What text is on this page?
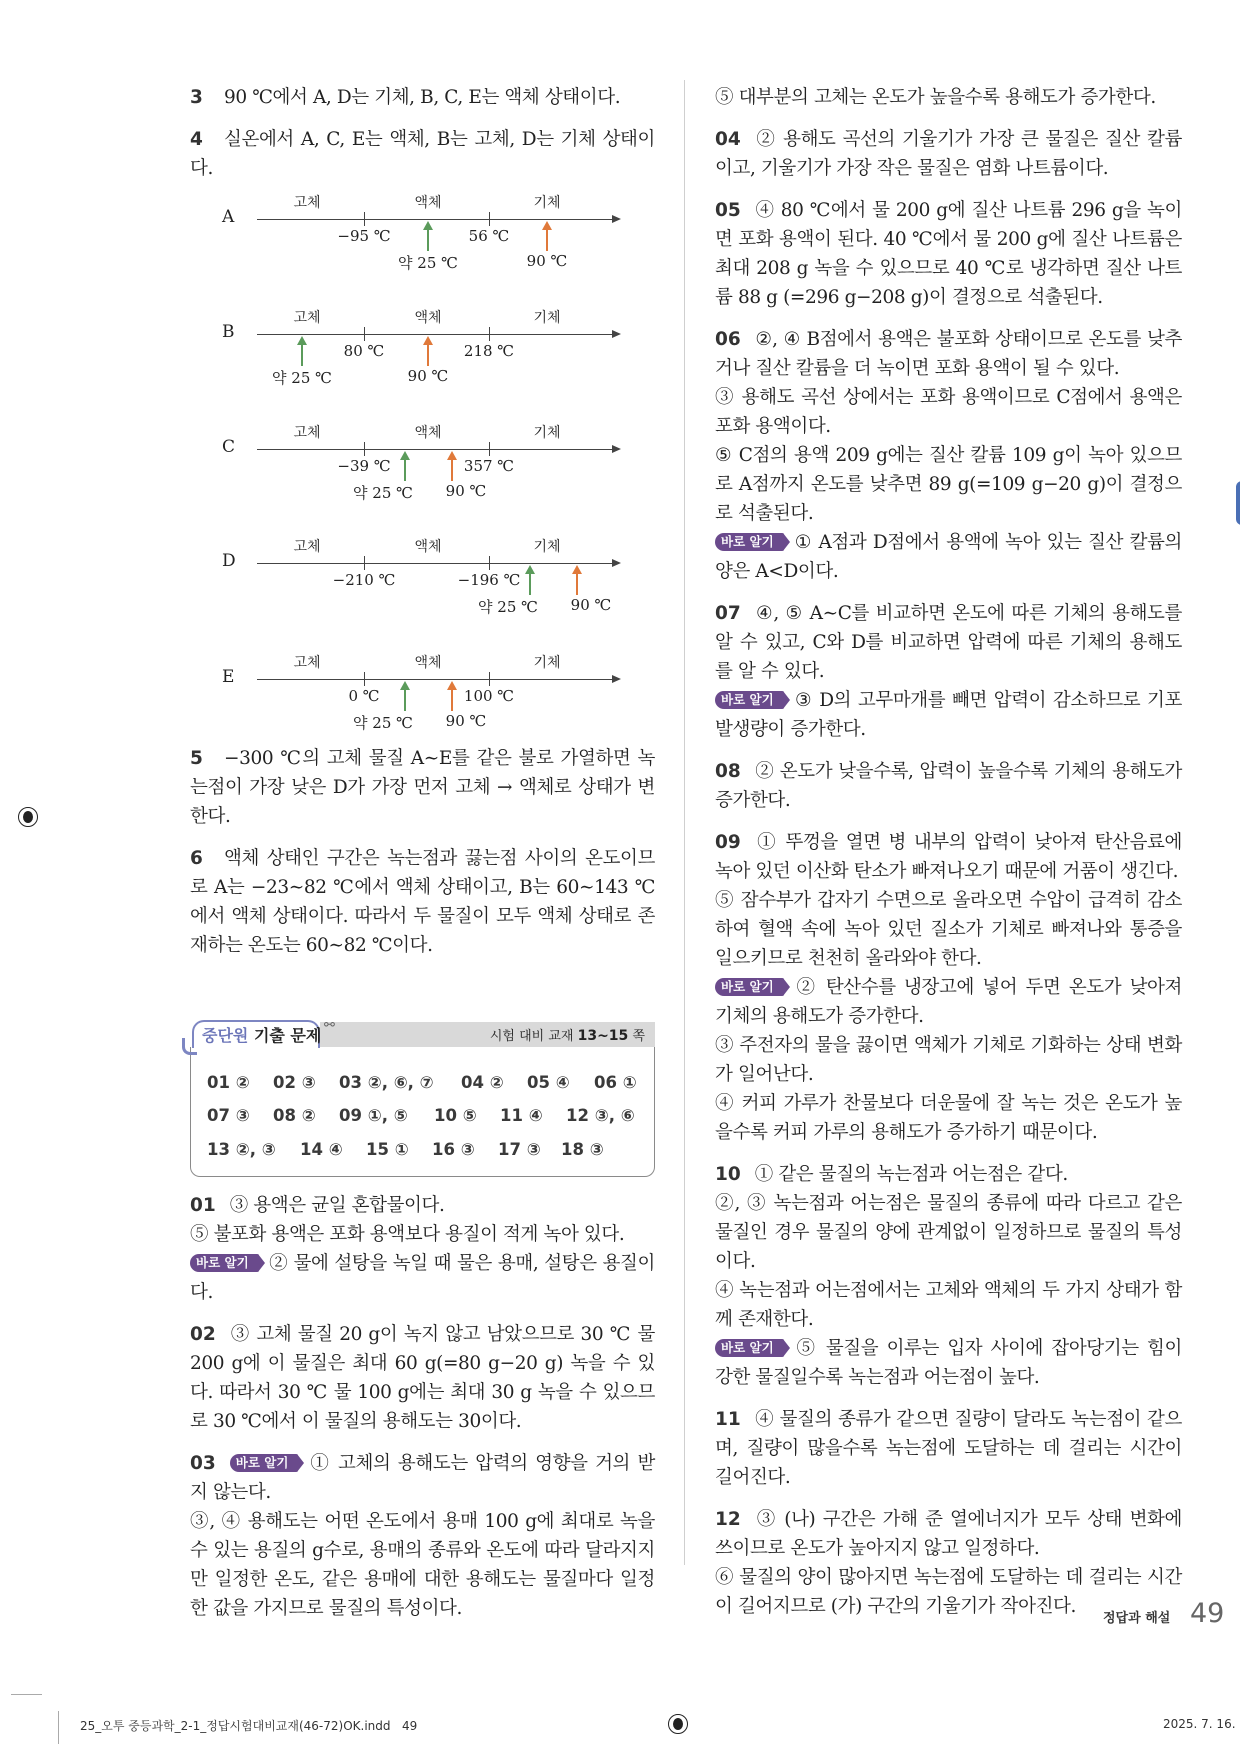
3 90 ℃에서 A, D는 기체, B, C, E는 액체 상태이다.
4 실온에서 A, C, E는 액체, B는 고체, D는 기체 상태이다.
A
고체	액체	기체
−95 ℃	56 ℃
약 25 ℃	90 ℃
B
고체	액체	기체
80 ℃	218 ℃
약 25 ℃	90 ℃
C
고체	액체	기체
−39 ℃	357 ℃
약 25 ℃ 90 ℃
D
고체	액체	기체
−210 ℃	−196 ℃
약 25 ℃ 90 ℃
E
고체	액체	기체
0 ℃	100 ℃
약 25 ℃ 90 ℃
5 −300 ℃의 고체 물질 A∼E를 같은 불로 가열하면 녹는점이 가장 낮은 D가 가장 먼저 고체 → 액체로 상태가 변한다.
6 액체 상태인 구간은 녹는점과 끓는점 사이의 온도이므로 A는 −23∼82 ℃에서 액체 상태이고, B는 60∼143 ℃에서 액체 상태이다. 따라서 두 물질이 모두 액체 상태로 존재하는 온도는 60∼82 ℃이다.
시험 대비 교재 13~15 쪽
중단원 기출 문제
⚯
01 ② 02 ③ 03 ②, ⑥, ⑦ 04 ② 05 ④ 06 ①
07 ③ 08 ② 09 ①, ⑤ 10 ⑤ 11 ④ 12 ③, ⑥
13 ②, ③ 14 ④ 15 ① 16 ③ 17 ③ 18 ③

01 ③ 용액은 균일 혼합물이다.

⑤ 불포화 용액은 포화 용액보다 용질이 적게 녹아 있다.

바로 알기 ② 물에 설탕을 녹일 때 물은 용매, 설탕은 용질이다.

02 ③ 고체 물질 20 g이 녹지 않고 남았으므로 30 ℃ 물 200 g에 이 물질은 최대 60 g(=80 g−20 g) 녹을 수 있다. 따라서 30 ℃ 물 100 g에는 최대 30 g 녹을 수 있으므로 30 ℃에서 이 물질의 용해도는 30이다.

03 바로 알기 ① 고체의 용해도는 압력의 영향을 거의 받지 않는다.

③, ④ 용해도는 어떤 온도에서 용매 100 g에 최대로 녹을 수 있는 용질의 g수로, 용매의 종류와 온도에 따라 달라지지만 일정한 온도, 같은 용매에 대한 용해도는 물질마다 일정한 값을 가지므로 물질의 특성이다.

⑤ 대부분의 고체는 온도가 높을수록 용해도가 증가한다.

04 ② 용해도 곡선의 기울기가 가장 큰 물질은 질산 칼륨이고, 기울기가 가장 작은 물질은 염화 나트륨이다.

05 ④ 80 ℃에서 물 200 g에 질산 나트륨 296 g을 녹이면 포화 용액이 된다. 40 ℃에서 물 200 g에 질산 나트륨은 최대 208 g 녹을 수 있으므로 40 ℃로 냉각하면 질산 나트륨 88 g (=296 g−208 g)이 결정으로 석출된다.

06 ②, ④ B점에서 용액은 불포화 상태이므로 온도를 낮추거나 질산 칼륨을 더 녹이면 포화 용액이 될 수 있다.

③ 용해도 곡선 상에서는 포화 용액이므로 C점에서 용액은 포화 용액이다.

⑤ C점의 용액 209 g에는 질산 칼륨 109 g이 녹아 있으므로 A점까지 온도를 낮추면 89 g(=109 g−20 g)이 결정으로 석출된다.

바로 알기 ① A점과 D점에서 용액에 녹아 있는 질산 칼륨의 양은 A<D이다.

07 ④, ⑤ A∼C를 비교하면 온도에 따른 기체의 용해도를 알 수 있고, C와 D를 비교하면 압력에 따른 기체의 용해도를 알 수 있다.

바로 알기 ③ D의 고무마개를 빼면 압력이 감소하므로 기포 발생량이 증가한다.

08 ② 온도가 낮을수록, 압력이 높을수록 기체의 용해도가 증가한다.

09 ① 뚜껑을 열면 병 내부의 압력이 낮아져 탄산음료에 녹아 있던 이산화 탄소가 빠져나오기 때문에 거품이 생긴다.

⑤ 잠수부가 갑자기 수면으로 올라오면 수압이 급격히 감소하여 혈액 속에 녹아 있던 질소가 기체로 빠져나와 통증을 일으키므로 천천히 올라와야 한다.

바로 알기 ② 탄산수를 냉장고에 넣어 두면 온도가 낮아져 기체의 용해도가 증가한다.

③ 주전자의 물을 끓이면 액체가 기체로 기화하는 상태 변화가 일어난다.

④ 커피 가루가 찬물보다 더운물에 잘 녹는 것은 온도가 높을수록 커피 가루의 용해도가 증가하기 때문이다.

10 ① 같은 물질의 녹는점과 어는점은 같다.

②, ③ 녹는점과 어는점은 물질의 종류에 따라 다르고 같은 물질인 경우 물질의 양에 관계없이 일정하므로 물질의 특성이다.

④ 녹는점과 어는점에서는 고체와 액체의 두 가지 상태가 함께 존재한다.

바로 알기 ⑤ 물질을 이루는 입자 사이에 잡아당기는 힘이 강한 물질일수록 녹는점과 어는점이 높다.

11 ④ 물질의 종류가 같으면 질량이 달라도 녹는점이 같으며, 질량이 많을수록 녹는점에 도달하는 데 걸리는 시간이 길어진다.

12 ③ (나) 구간은 가해 준 열에너지가 모두 상태 변화에 쓰이므로 온도가 높아지지 않고 일정하다.

⑥ 물질의 양이 많아지면 녹는점에 도달하는 데 걸리는 시간이 길어지므로 (가) 구간의 기울기가 작아진다.

정답과 해설 49
25_오투 중등과학_2-1_정답시험대비교재(46-72)OK.indd   49	2025. 7. 16.
